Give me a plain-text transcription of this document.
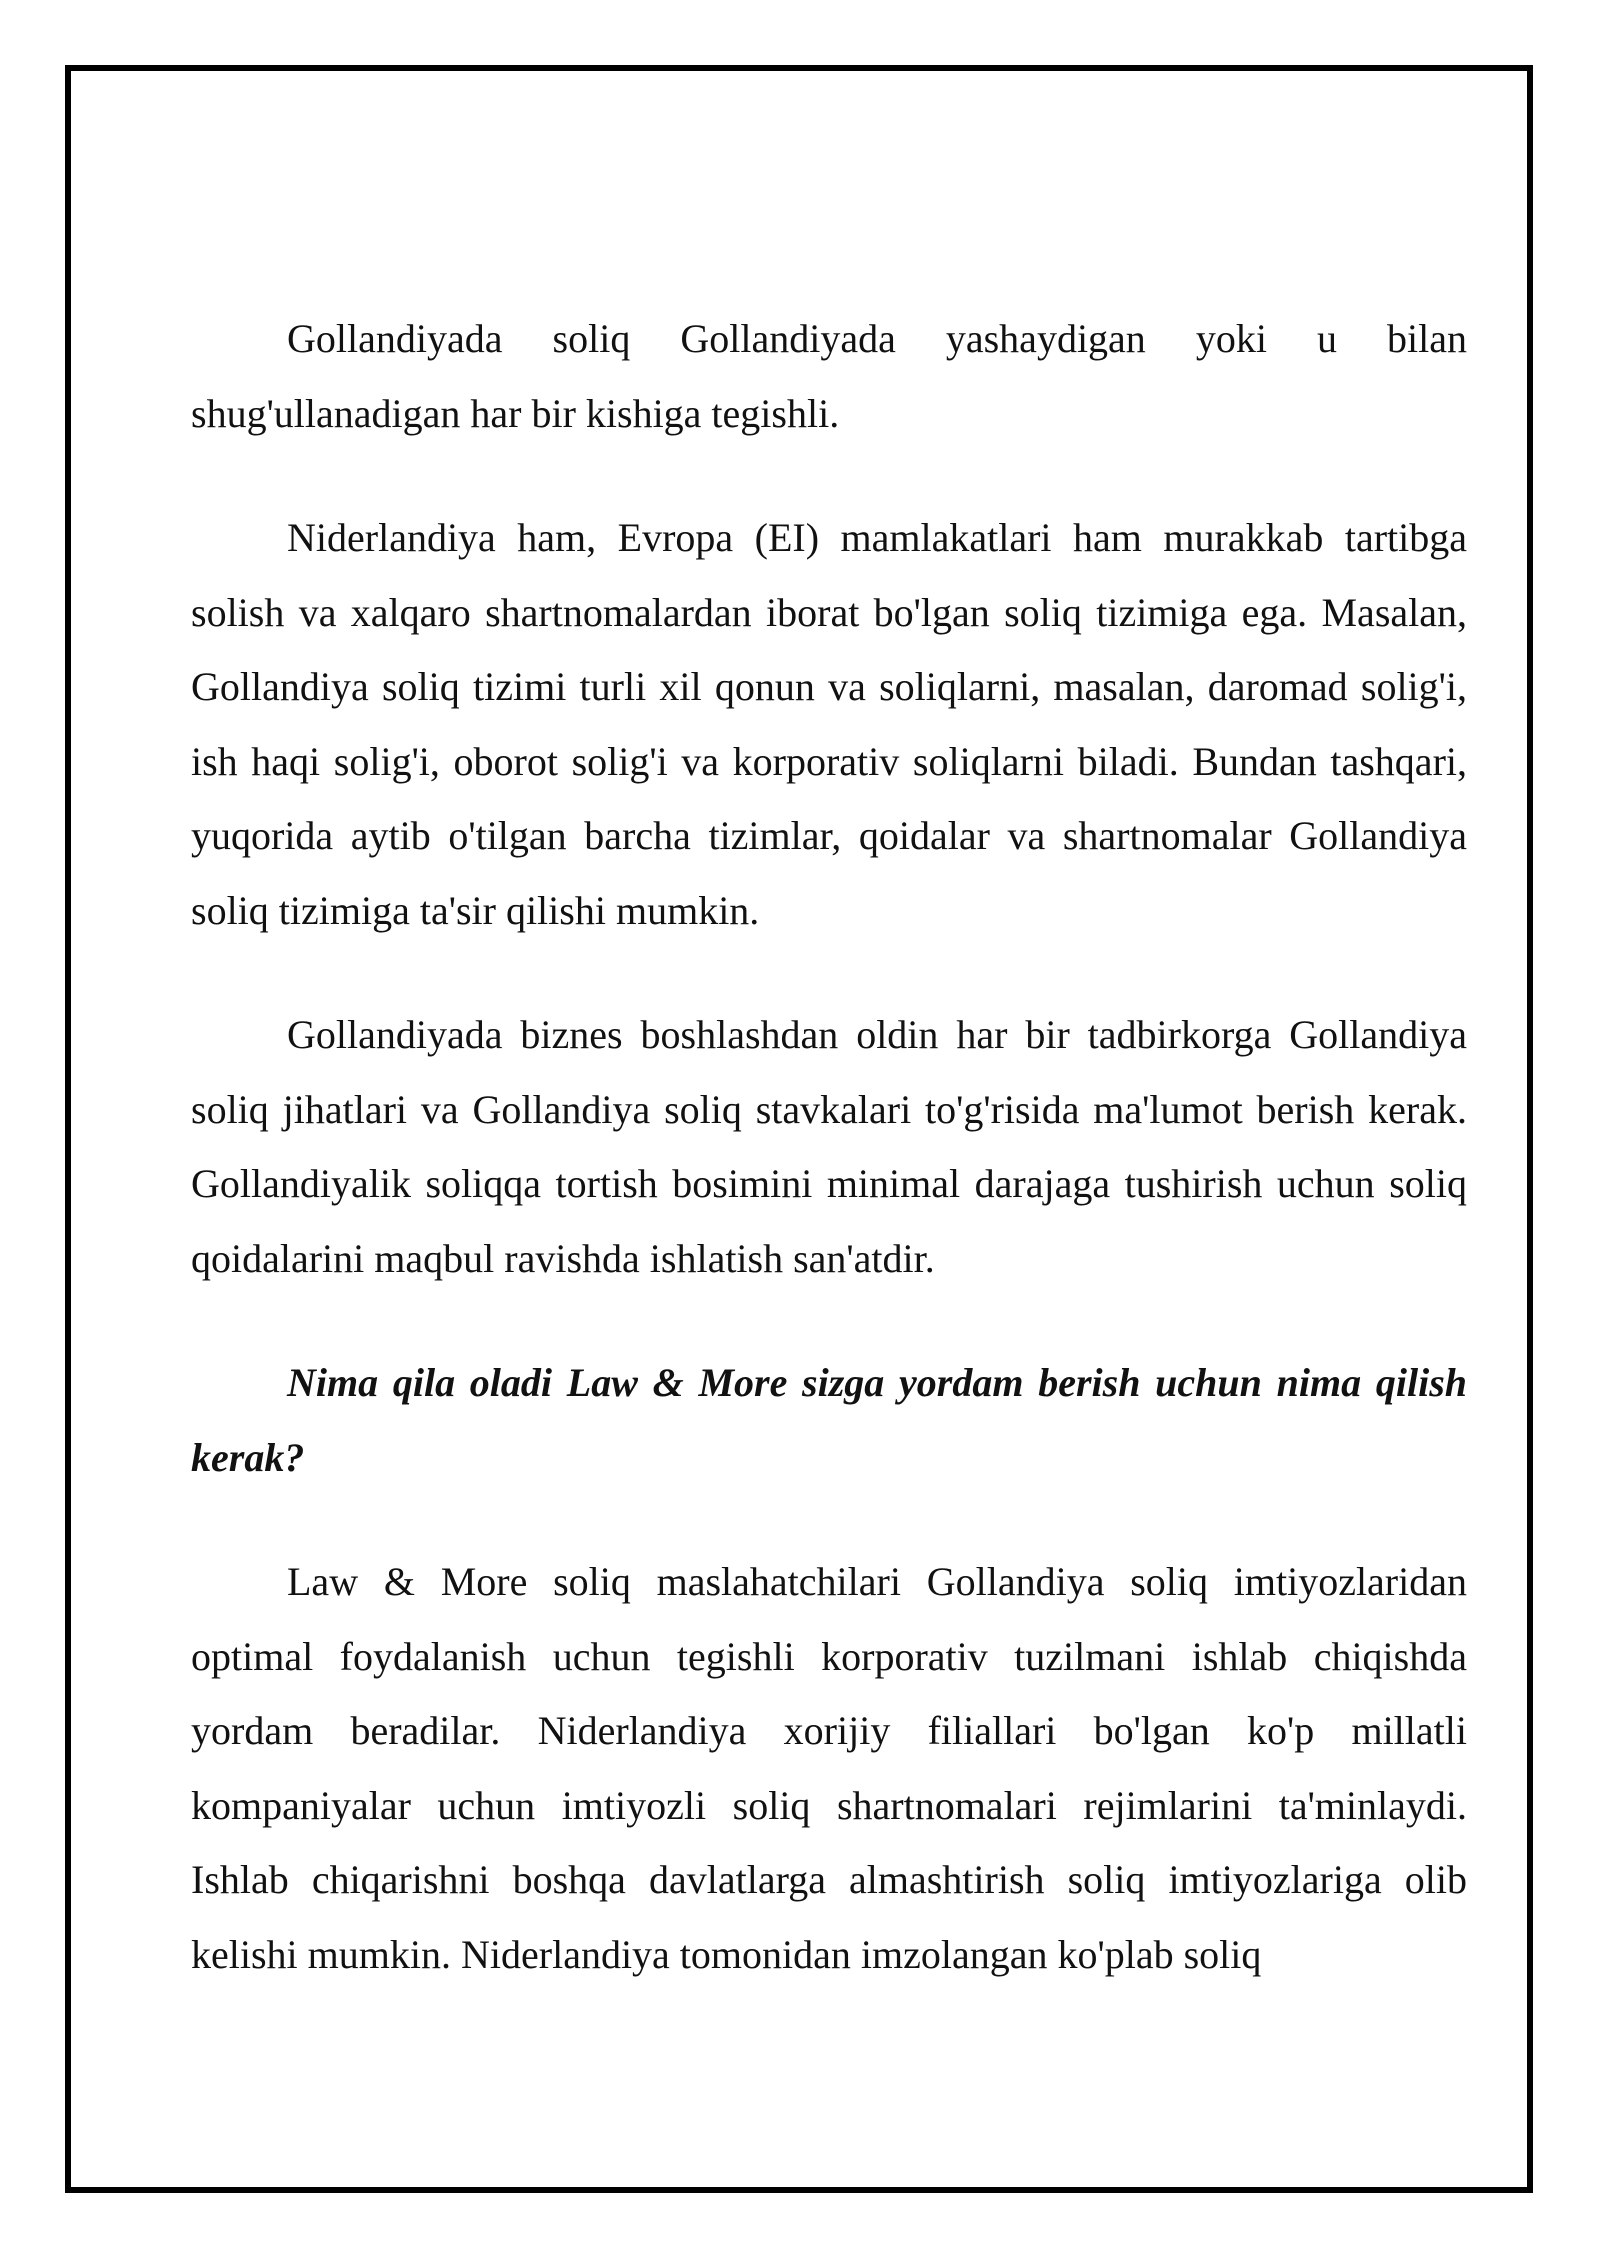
Gollandiyada soliq Gollandiyada yashaydigan yoki u bilan shug'ullanadigan har bir kishiga tegishli.

Niderlandiya ham, Evropa (EI) mamlakatlari ham murakkab tartibga solish va xalqaro shartnomalardan iborat bo'lgan soliq tizimiga ega. Masalan, Gollandiya soliq tizimi turli xil qonun va soliqlarni, masalan, daromad solig'i, ish haqi solig'i, oborot solig'i va korporativ soliqlarni biladi. Bundan tashqari, yuqorida aytib o'tilgan barcha tizimlar, qoidalar va shartnomalar Gollandiya soliq tizimiga ta'sir qilishi mumkin.

Gollandiyada biznes boshlashdan oldin har bir tadbirkorga Gollandiya soliq jihatlari va Gollandiya soliq stavkalari to'g'risida ma'lumot berish kerak. Gollandiyalik soliqqa tortish bosimini minimal darajaga tushirish uchun soliq qoidalarini maqbul ravishda ishlatish san'atdir.

Nima qila oladi Law & More sizga yordam berish uchun nima qilish kerak?

Law & More soliq maslahatchilari Gollandiya soliq imtiyozlaridan optimal foydalanish uchun tegishli korporativ tuzilmani ishlab chiqishda yordam beradilar. Niderlandiya xorijiy filiallari bo'lgan ko'p millatli kompaniyalar uchun imtiyozli soliq shartnomalari rejimlarini ta'minlaydi. Ishlab chiqarishni boshqa davlatlarga almashtirish soliq imtiyozlariga olib kelishi mumkin. Niderlandiya tomonidan imzolangan ko'plab soliq
